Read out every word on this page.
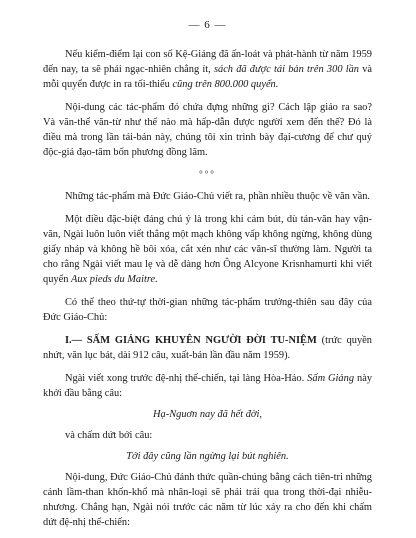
— 6 —

Nếu kiểm-điểm lại con số Kệ-Giảng đã ấn-loát và phát-hành từ năm 1959 đến nay, ta sẽ phải ngạc-nhiên chẳng ít, sách đã được tái bản trên 300 lần và mỗi quyển được in ra tối-thiểu cũng trên 800.000 quyển.

Nội-dung các tác-phẩm đó chứa đựng những gì? Cách lập giáo ra sao? Và văn-thể văn-từ như thế nào mà hấp-dẫn được người xem đến thế? Đó là điều mà trong lần tái-bản này, chúng tôi xin trình bày đại-cương để chư quý độc-giả đạo-tâm bốn phương đồng lãm.

°°°

Những tác-phẩm mà Đức Giáo-Chủ viết ra, phần nhiều thuộc về văn vần.

Một điều đặc-biệt đáng chú ý là trong khi cảm bút, dù tản-văn hay vận-văn, Ngài luôn luôn viết thẳng một mạch không vấp không ngừng, không dùng giấy nháp và không hề bôi xóa, cắt xén như các văn-sĩ thường làm. Người ta cho rằng Ngài viết mau lẹ và dễ dàng hơn Ông Alcyone Krisnhamurti khi viết quyển Aux pieds du Maitre.

Có thể theo thứ-tự thời-gian những tác-phẩm trưởng-thiên sau đây của Đức Giáo-Chủ:

I.— SẤM GIẢNG KHUYÊN NGƯỜI ĐỜI TU-NIỆM (trức quyền nhứt, văn lục bát, dài 912 câu, xuất-bản lần đầu năm 1959).

Ngài viết xong trước đệ-nhị thế-chiến, tại làng Hòa-Hảo. Sấm Giảng này khởi đầu bằng câu:

Hạ-Nguơn nay đã hết đời,

và chấm dứt bởi câu:

Tới đây cũng lần ngừng lại bút nghiên.

Nội-dung, Đức Giáo-Chủ đánh thức quần-chúng bằng cách tiên-tri những cảnh lầm-than khốn-khổ mà nhân-loại sẽ phải trải qua trong thời-đại nhiễu-nhương. Chẳng hạn, Ngài nói trước các năm từ lúc xảy ra cho đến khi chấm dứt đệ-nhị thế-chiến:
